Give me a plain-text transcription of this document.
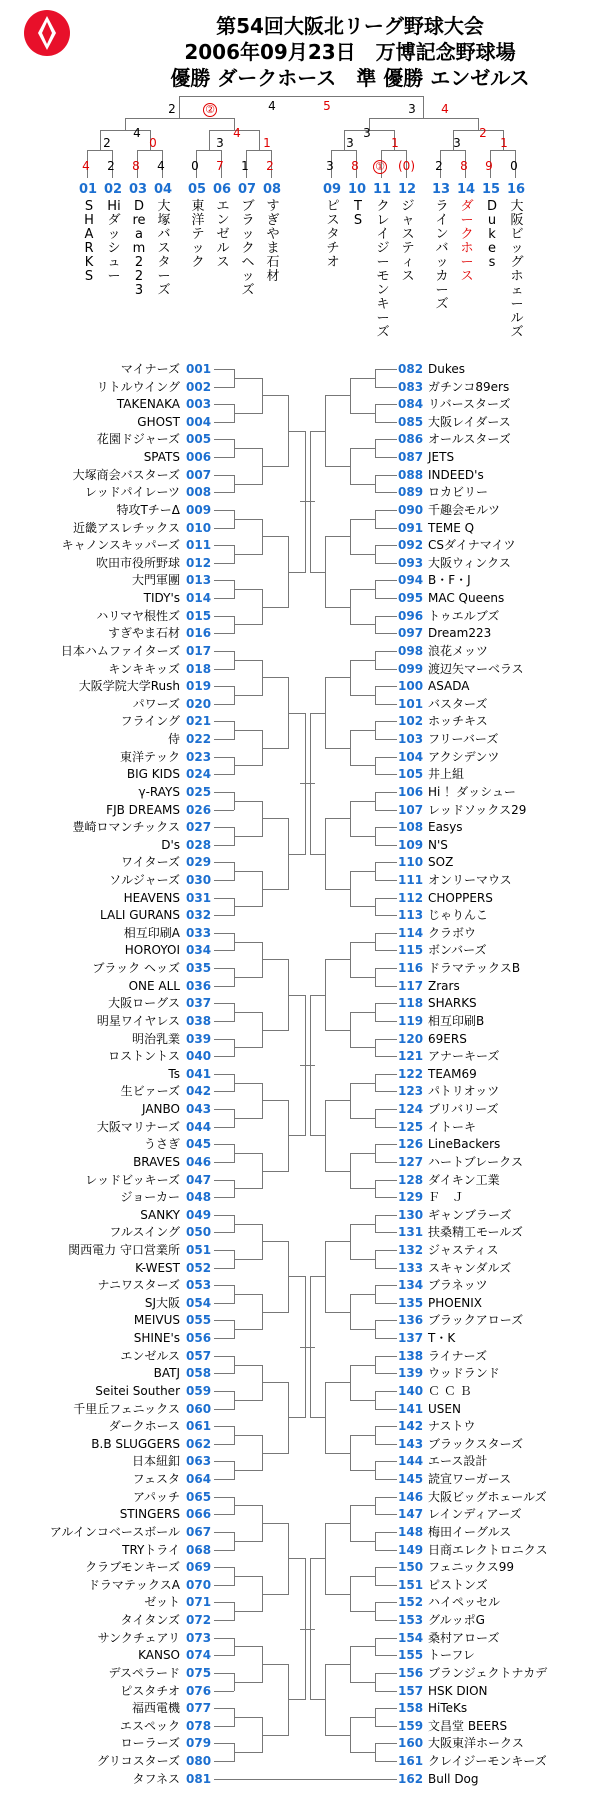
第54回大阪北リーグ野球大会
2006年09月23日　万博記念野球場
優勝 ダークホース　準 優勝 エンゼルス
4	5
2	②	3 4
4	4	3	2
2	0	3	1	3	1	3	1
4 2 8 4 0 7 1 2	3 8 ① (0) 2 8 9 0
01
SHARKS
02
Hiダッシュー
03
Dream223
04
大塚バスターズ
05
東洋テック
06
エンゼルス
07
ブラックヘッズ
08
すぎやま石材
09
ピスタチオ
10
TS
11
クレイジーモンキーズ
12
ジャスティス
13
ラインバッカーズ
14
ダークホース
15
Dukes
16
大阪ビッグホェールズ
マイナーズ 001
リトルウイング 002
TAKENAKA 003
GHOST 004
花園ドジャーズ 005
SPATS 006
大塚商会バスターズ 007
レッドパイレーツ 008
特攻TチーΔ 009
近畿アスレチックス 010
キャノンスキッパーズ 011
吹田市役所野球 012
大門軍團 013
TIDY's 014
ハリマヤ根性ズ 015
すぎやま石材 016
日本ハムファイターズ 017
キンキキッズ 018
大阪学院大学Rush 019
パワーズ 020
フライング 021
侍 022
東洋テック 023
BIG KIDS 024
γ-RAYS 025
FJB DREAMS 026
豊崎ロマンチックス 027
D's 028
ワイターズ 029
ソルジャーズ 030
HEAVENS 031
LALI GURANS 032
相互印刷A 033
HOROYOI 034
ブラック ヘッズ 035
ONE ALL 036
大阪ローグス 037
明星ワイヤレス 038
明治乳業 039
ロストントス 040
Ts 041
生ビァーズ 042
JANBO 043
大阪マリナーズ 044
うさぎ 045
BRAVES 046
レッドビッキーズ 047
ジョーカー 048
SANKY 049
フルスイング 050
関西電力 守口営業所 051
K-WEST 052
ナニワスターズ 053
SJ大阪 054
MEIVUS 055
SHINE's 056
エンゼルス 057
BATJ 058
Seitei Souther 059
千里丘フェニックス 060
ダークホース 061
B.B SLUGGERS 062
日本紐釦 063
フェスタ 064
アパッチ 065
STINGERS 066
アルインコベースボール 067
TRYトライ 068
クラブモンキーズ 069
ドラマテックスA 070
ゼット 071
タイタンズ 072
サンクチェアリ 073
KANSO 074
デスペラード 075
ピスタチオ 076
福西電機 077
エスペック 078
ローラーズ 079
グリコスターズ 080
タフネス 081
082 Dukes
083 ガチンコ89ers
084 リバースターズ
085 大阪レイダース
086 オールスターズ
087 JETS
088 INDEED's
089 ロカビリー
090 千趣会モルツ
091 TEME Q
092 CSダイナマイツ
093 大阪ウィンクス
094 B・F・J
095 MAC Queens
096 トゥエルブズ
097 Dream223
098 浪花メッツ
099 渡辺矢マーベラス
100 ASADA
101 バスターズ
102 ホッチキス
103 フリーバーズ
104 アクシデンツ
105 井上組
106 Hi ！ダッシュー
107 レッドソックス29
108 Easys
109 N'S
110 SOZ
111 オンリーマウス
112 CHOPPERS
113 じゃりんこ
114 クラボウ
115 ボンバーズ
116 ドラマテックスB
117 Zrars
118 SHARKS
119 相互印刷B
120 69ERS
121 アナーキーズ
122 TEAM69
123 パトリオッツ
124 ブリバリーズ
125 イトーキ
126 LineBackers
127 ハートブレークス
128 ダイキン工業
129 Ｆ　Ｊ
130 ギャンブラーズ
131 扶桑精工モールズ
132 ジャスティス
133 スキャンダルズ
134 ブラネッツ
135 PHOENIX
136 ブラックアローズ
137 T・K
138 ライナーズ
139 ウッドランド
140 Ｃ Ｃ Ｂ
141 USEN
142 ナストウ
143 ブラックスターズ
144 エース設計
145 読宣ワーガース
146 大阪ビッグホェールズ
147 レインディアーズ
148 梅田イーグルス
149 日商エレクトロニクス
150 フェニックス99
151 ピストンズ
152 ハイペッセル
153 グルッポG
154 桑村アローズ
155 トーフレ
156 ブランジェクトナカデ
157 HSK DION
158 HiTeKs
159 文昌堂 BEERS
160 大阪東洋ホークス
161 クレイジーモンキーズ
162 Bull Dog
